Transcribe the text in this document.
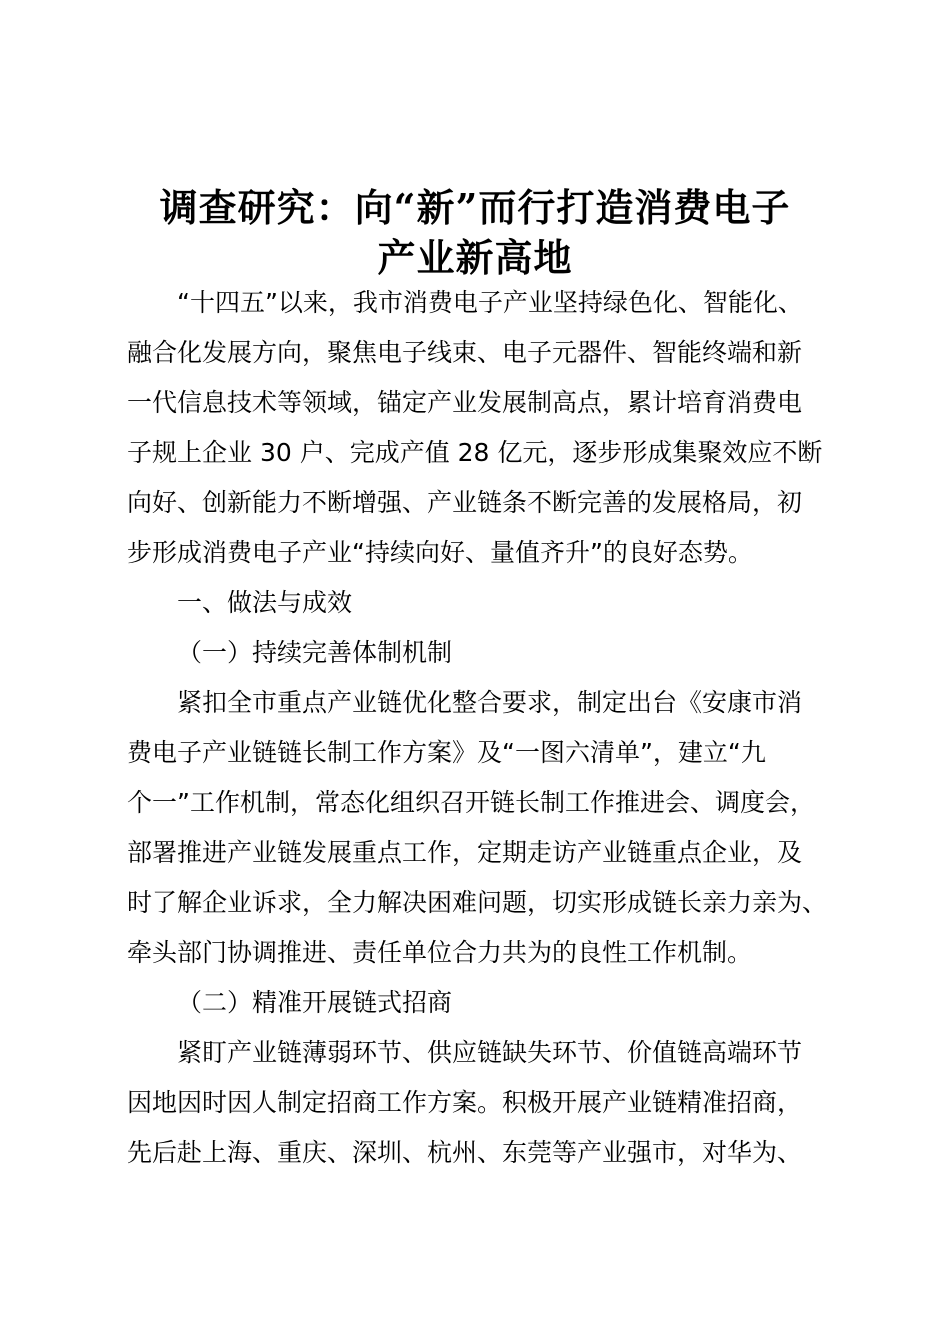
调查研究：向“新”而行打造消费电子
产业新高地

“十四五”以来，我市消费电子产业坚持绿色化、智能化、

融合化发展方向，聚焦电子线束、电子元器件、智能终端和新

一代信息技术等领域，锚定产业发展制高点，累计培育消费电

子规上企业 30 户、完成产值 28 亿元，逐步形成集聚效应不断

向好、创新能力不断增强、产业链条不断完善的发展格局，初

步形成消费电子产业“持续向好、量值齐升”的良好态势。

一、做法与成效

（一）持续完善体制机制

紧扣全市重点产业链优化整合要求，制定出台《安康市消

费电子产业链链长制工作方案》及“一图六清单”，建立“九

个一”工作机制，常态化组织召开链长制工作推进会、调度会，

部署推进产业链发展重点工作，定期走访产业链重点企业，及

时了解企业诉求，全力解决困难问题，切实形成链长亲力亲为、

牵头部门协调推进、责任单位合力共为的良性工作机制。

（二）精准开展链式招商

紧盯产业链薄弱环节、供应链缺失环节、价值链高端环节

因地因时因人制定招商工作方案。积极开展产业链精准招商，

先后赴上海、重庆、深圳、杭州、东莞等产业强市，对华为、
